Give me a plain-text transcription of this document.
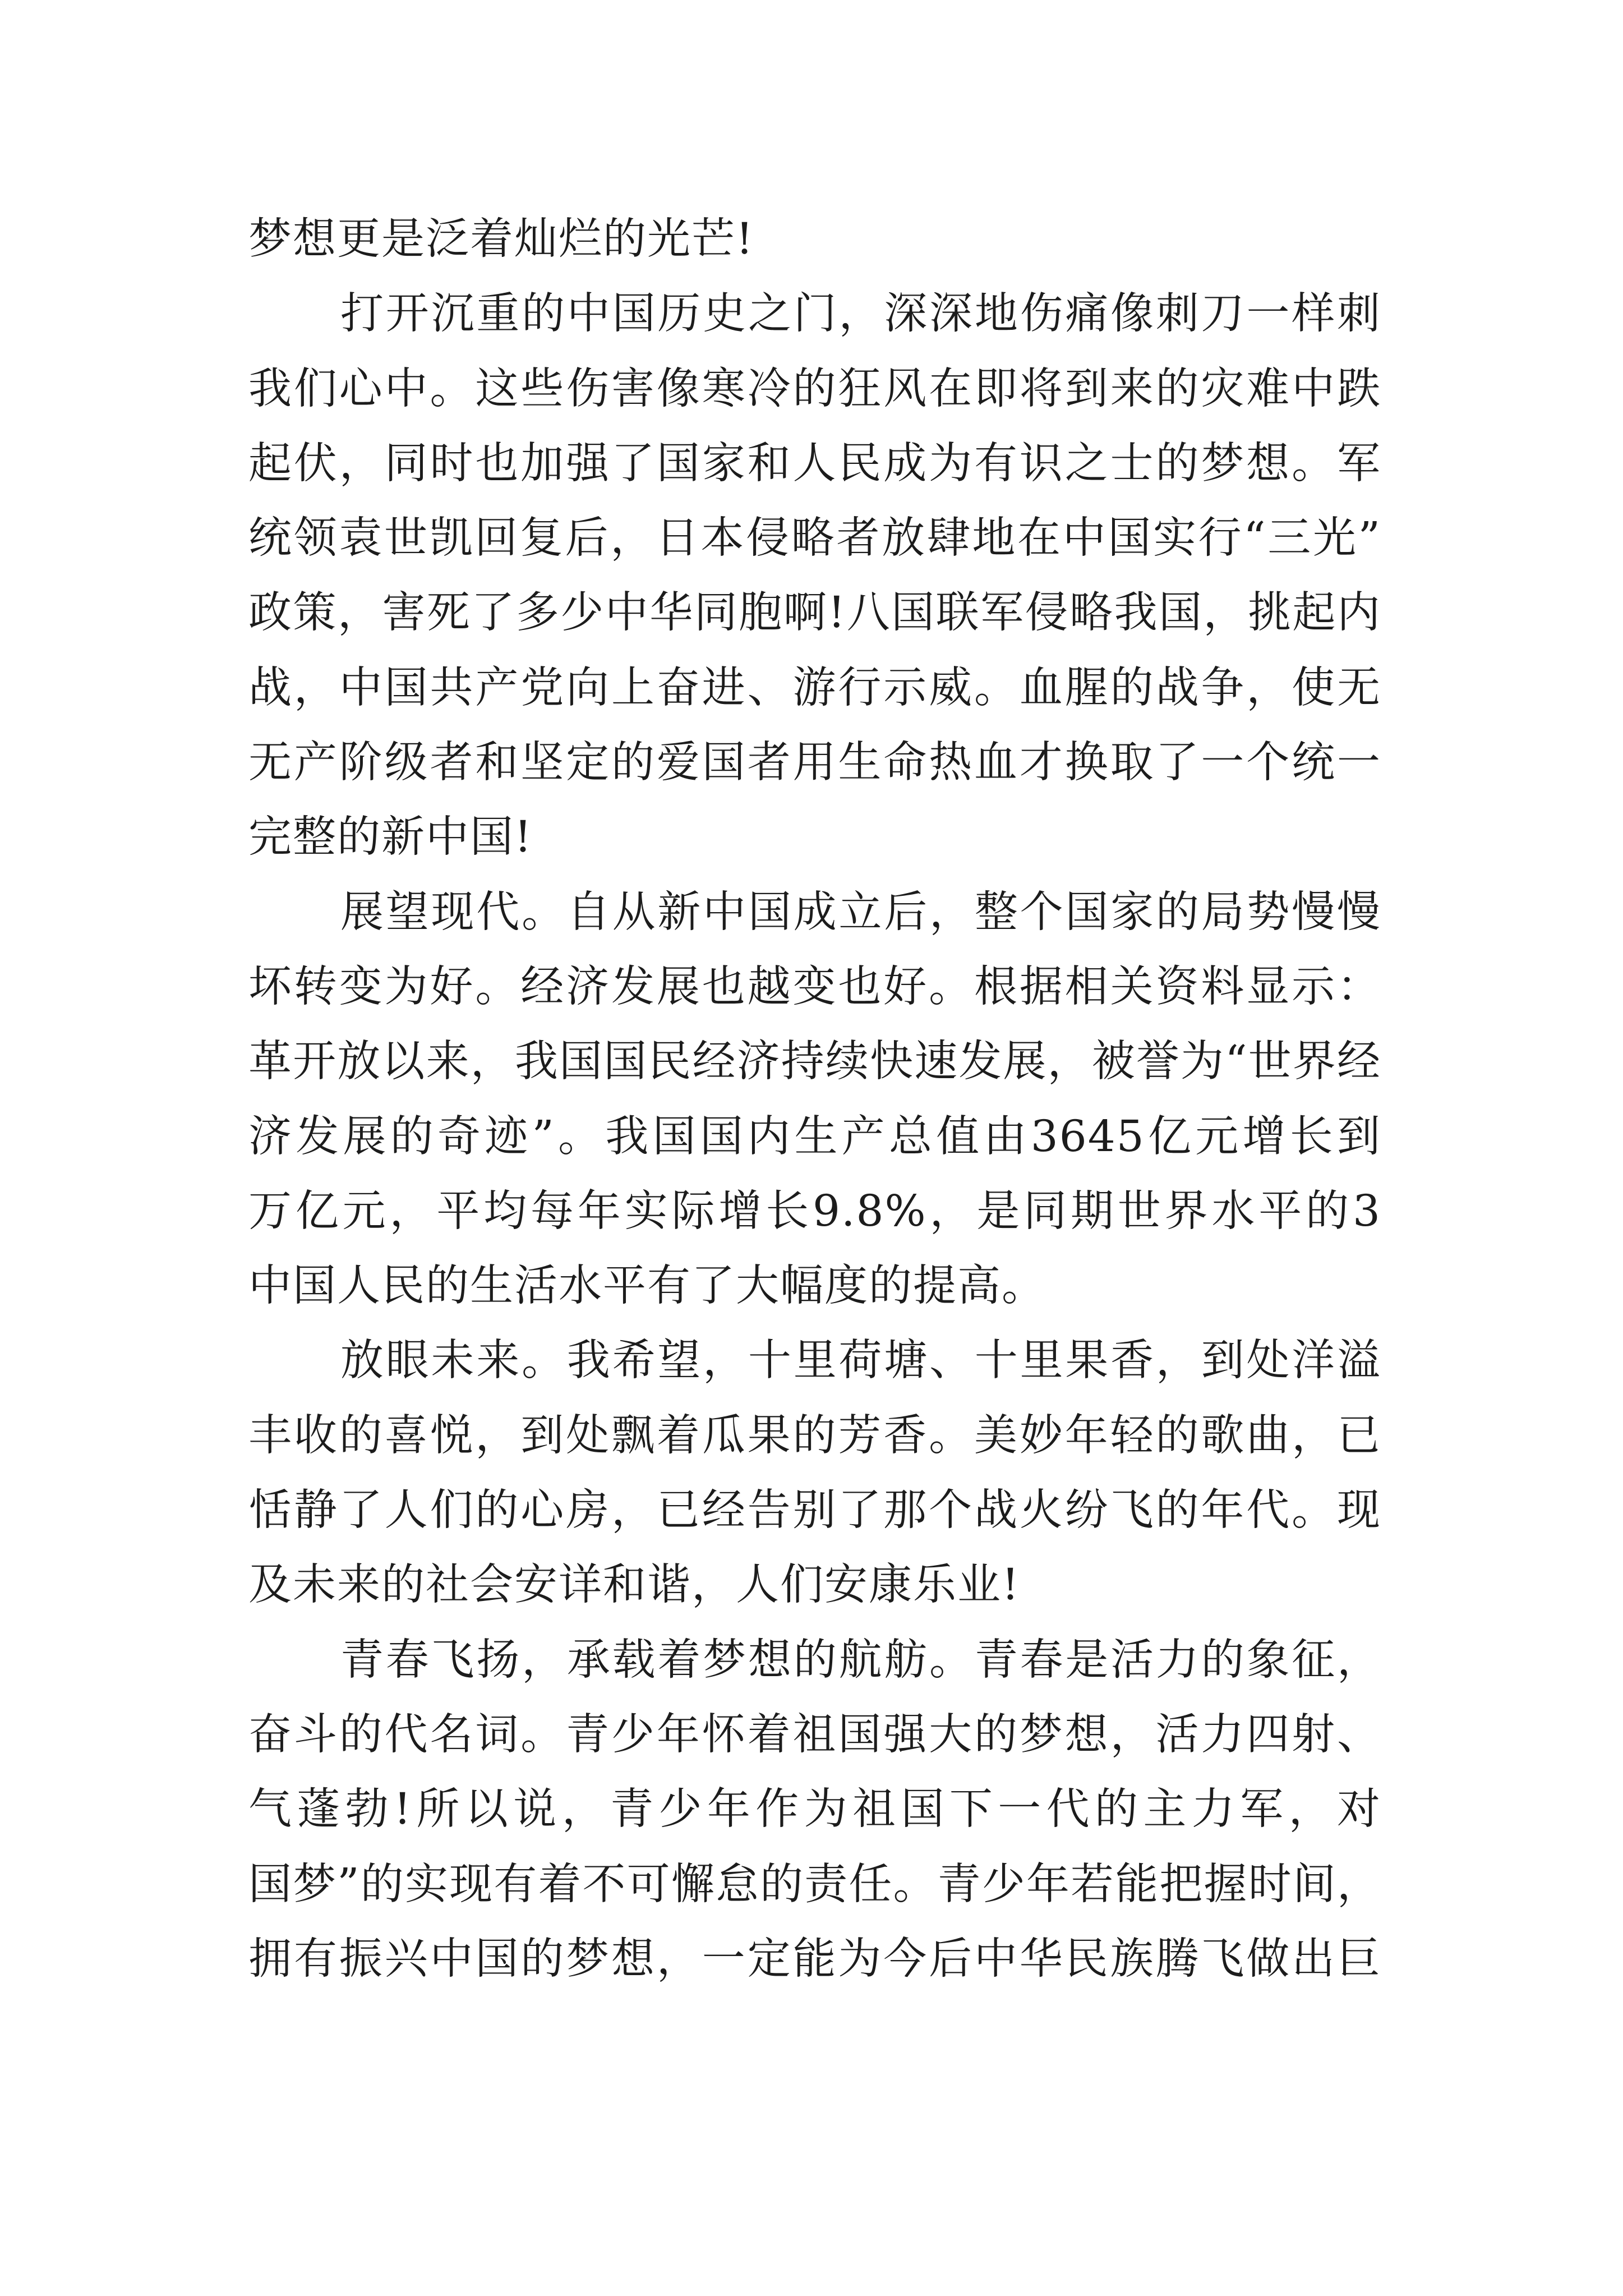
梦想更是泛着灿烂的光芒!
打开沉重的中国历史之门，深深地伤痛像刺刀一样刺
我们心中。这些伤害像寒冷的狂风在即将到来的灾难中跌
起伏，同时也加强了国家和人民成为有识之士的梦想。军
统领袁世凯回复后，日本侵略者放肆地在中国实行“三光”
政策，害死了多少中华同胞啊!八国联军侵略我国，挑起内
战，中国共产党向上奋进、游行示威。血腥的战争，使无
无产阶级者和坚定的爱国者用生命热血才换取了一个统一
完整的新中国!
展望现代。自从新中国成立后，整个国家的局势慢慢
坏转变为好。经济发展也越变也好。根据相关资料显示：
革开放以来，我国国民经济持续快速发展，被誉为“世界经
济发展的奇迹”。我国国内生产总值由3645亿元增长到
万亿元，平均每年实际增长9.8%，是同期世界水平的3
中国人民的生活水平有了大幅度的提高。
放眼未来。我希望，十里荷塘、十里果香，到处洋溢
丰收的喜悦，到处飘着瓜果的芳香。美妙年轻的歌曲，已
恬静了人们的心房，已经告别了那个战火纷飞的年代。现
及未来的社会安详和谐，人们安康乐业!
青春飞扬，承载着梦想的航舫。青春是活力的象征，
奋斗的代名词。青少年怀着祖国强大的梦想，活力四射、
气蓬勃!所以说，青少年作为祖国下一代的主力军，对
国梦”的实现有着不可懈怠的责任。青少年若能把握时间，
拥有振兴中国的梦想，一定能为今后中华民族腾飞做出巨
